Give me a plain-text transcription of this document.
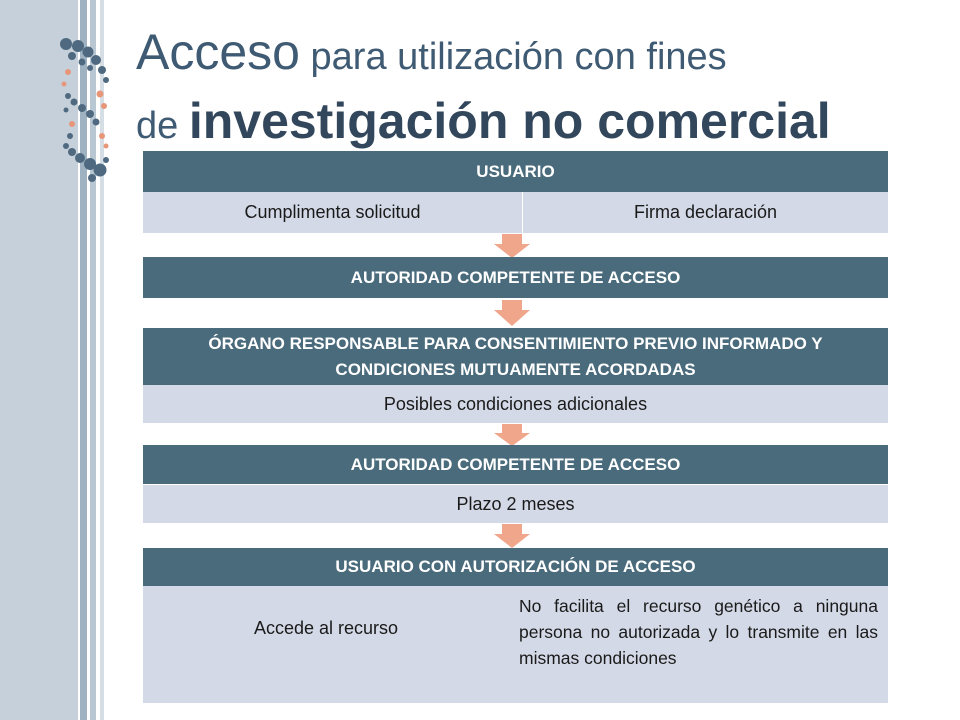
Acceso para utilización con fines
de investigación no comercial
USUARIO
Cumplimenta solicitud	Firma declaración
AUTORIDAD COMPETENTE DE ACCESO
ÓRGANO RESPONSABLE PARA CONSENTIMIENTO PREVIO INFORMADO Y CONDICIONES MUTUAMENTE ACORDADAS
Posibles condiciones adicionales
AUTORIDAD COMPETENTE DE ACCESO
Plazo 2 meses
USUARIO CON AUTORIZACIÓN DE ACCESO
Accede al recurso
No facilita el recurso genético a ninguna persona no autorizada y lo transmite en las mismas condiciones
